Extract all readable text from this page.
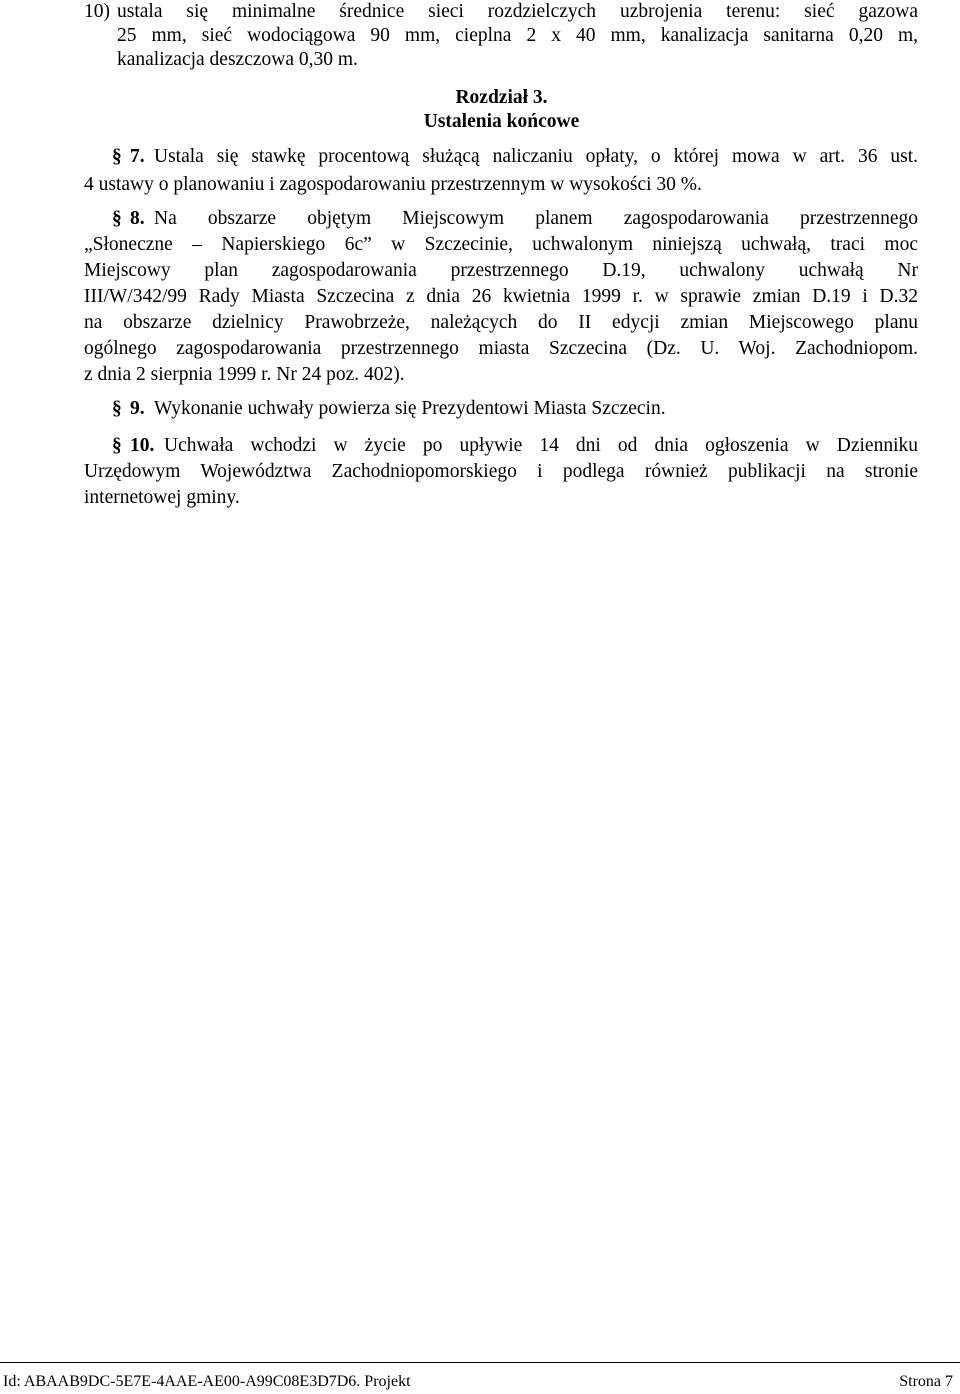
10) ustala się minimalne średnice sieci rozdzielczych uzbrojenia terenu: sieć gazowa
25 mm, sieć wodociągowa 90 mm, cieplna 2 x 40 mm, kanalizacja sanitarna 0,20 m,
kanalizacja deszczowa 0,30 m.
Rozdział 3.
Ustalenia końcowe
§ 7. Ustala się stawkę procentową służącą naliczaniu opłaty, o której mowa w art. 36 ust.
4 ustawy o planowaniu i zagospodarowaniu przestrzennym w wysokości 30 %.
§ 8. Na obszarze objętym Miejscowym planem zagospodarowania przestrzennego
„Słoneczne – Napierskiego 6c” w Szczecinie, uchwalonym niniejszą uchwałą, traci moc
Miejscowy plan zagospodarowania przestrzennego D.19, uchwalony uchwałą Nr
III/W/342/99 Rady Miasta Szczecina z dnia 26 kwietnia 1999 r. w sprawie zmian D.19 i D.32
na obszarze dzielnicy Prawobrzeże, należących do II edycji zmian Miejscowego planu
ogólnego zagospodarowania przestrzennego miasta Szczecina (Dz. U. Woj. Zachodniopom.
z dnia 2 sierpnia 1999 r. Nr 24 poz. 402).
§ 9. Wykonanie uchwały powierza się Prezydentowi Miasta Szczecin.
§ 10. Uchwała wchodzi w życie po upływie 14 dni od dnia ogłoszenia w Dzienniku
Urzędowym Województwa Zachodniopomorskiego i podlega również publikacji na stronie
internetowej gminy.
Id: ABAAB9DC-5E7E-4AAE-AE00-A99C08E3D7D6. Projekt	Strona 7
